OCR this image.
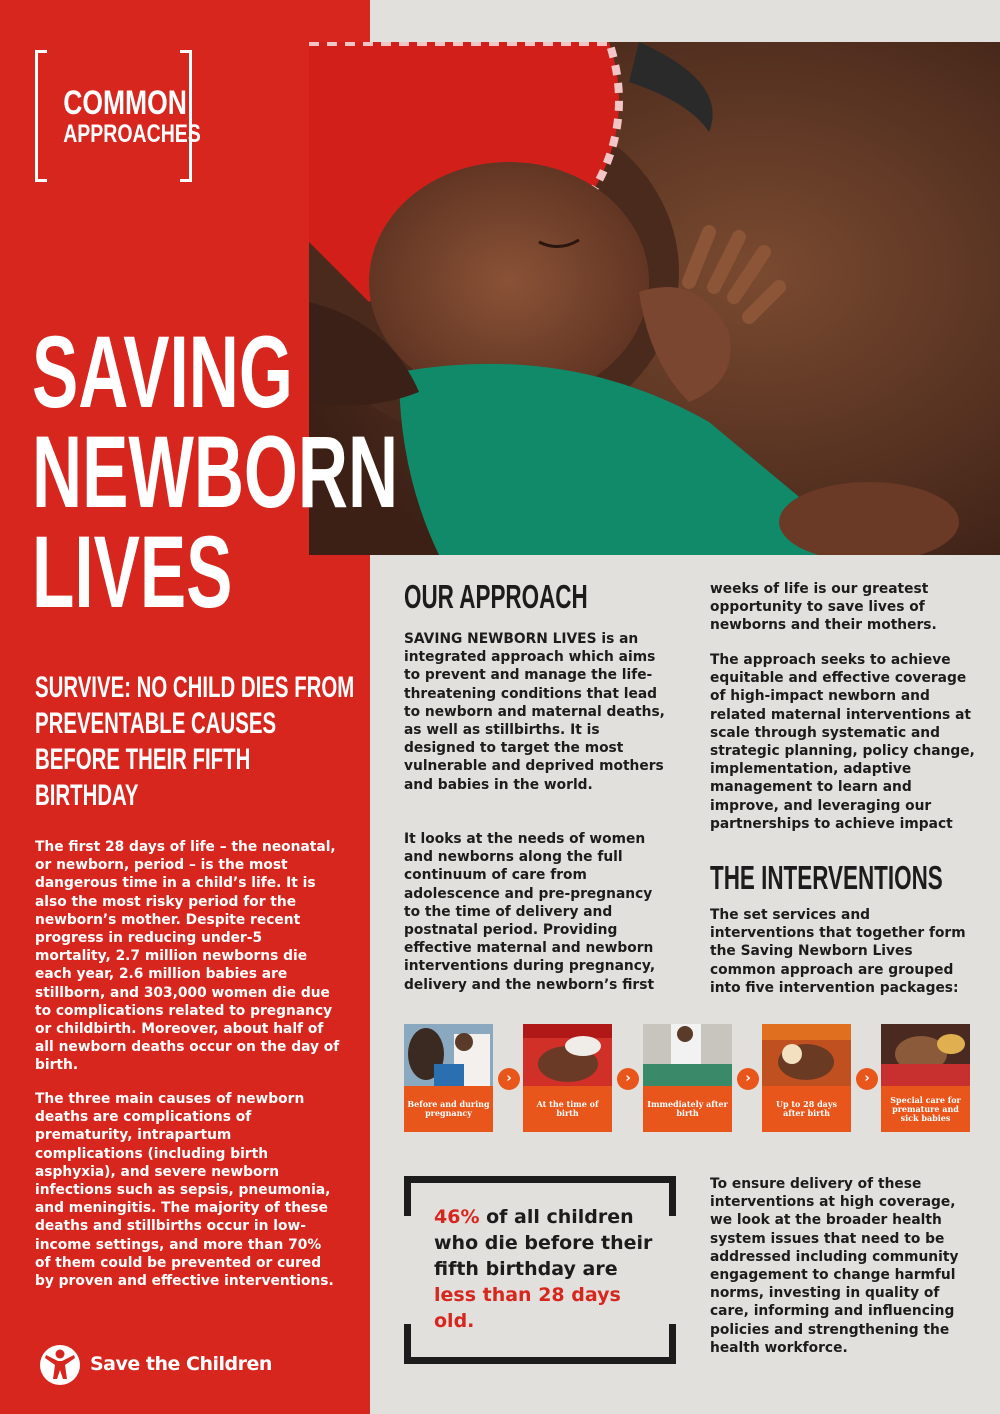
COMMON
APPROACHES
SAVING
NEWBORN
LIVES
SURVIVE: NO CHILD DIES FROM PREVENTABLE CAUSES BEFORE THEIR FIFTH BIRTHDAY

The first 28 days of life – the neonatal, or newborn, period – is the most dangerous time in a child’s life. It is also the most risky period for the newborn’s mother. Despite recent progress in reducing under-5 mortality, 2.7 million newborns die each year, 2.6 million babies are stillborn, and 303,000 women die due to complications related to pregnancy or childbirth. Moreover, about half of all newborn deaths occur on the day of birth.

The three main causes of newborn deaths are complications of prematurity, intrapartum complications (including birth asphyxia), and severe newborn infections such as sepsis, pneumonia, and meningitis. The majority of these deaths and stillbirths occur in low-income settings, and more than 70% of them could be prevented or cured by proven and effective interventions.

Save the Children
OUR APPROACH

SAVING NEWBORN LIVES is an integrated approach which aims to prevent and manage the life-threatening conditions that lead to newborn and maternal deaths, as well as stillbirths. It is designed to target the most vulnerable and deprived mothers and babies in the world.

It looks at the needs of women and newborns along the full continuum of care from adolescence and pre-pregnancy to the time of delivery and postnatal period. Providing effective maternal and newborn interventions during pregnancy, delivery and the newborn’s first

weeks of life is our greatest opportunity to save lives of newborns and their mothers.

The approach seeks to achieve equitable and effective coverage of high-impact newborn and related maternal interventions at scale through systematic and strategic planning, policy change, implementation, adaptive management to learn and improve, and leveraging our partnerships to achieve impact

THE INTERVENTIONS

The set services and interventions that together form the Saving Newborn Lives common approach are grouped into five intervention packages:

Before and during pregnancy
At the time of birth
Immediately after birth
Up to 28 days after birth
Special care for premature and sick babies
›	›	›	›
46% of all children who die before their fifth birthday are less than 28 days old.

To ensure delivery of these interventions at high coverage, we look at the broader health system issues that need to be addressed including community engagement to change harmful norms, investing in quality of care, informing and influencing policies and strengthening the health workforce.
